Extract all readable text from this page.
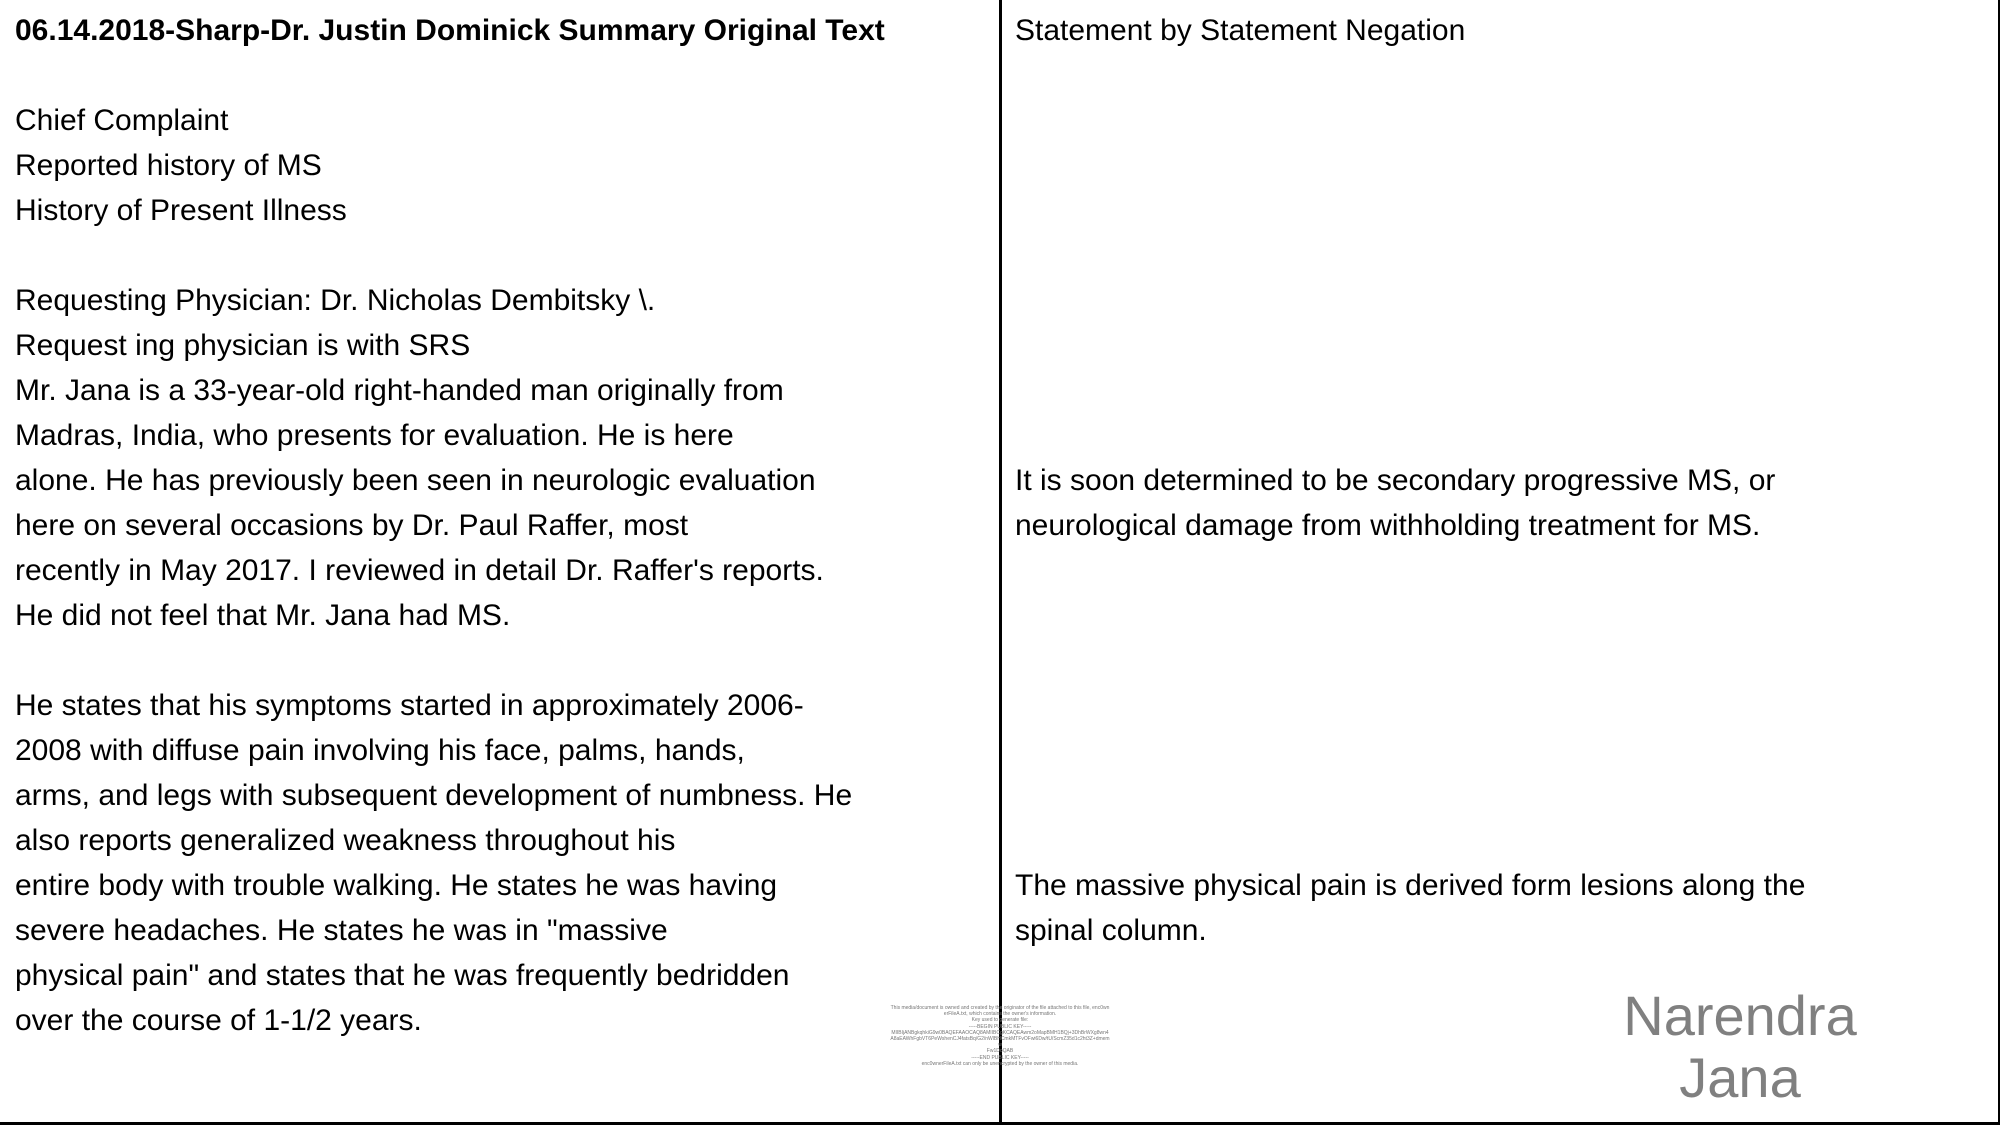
06.14.2018-Sharp-Dr. Justin Dominick Summary Original Text
Chief Complaint
Reported history of MS
History of Present Illness
Requesting Physician: Dr. Nicholas Dembitsky \.
Request ing physician is with SRS
Mr. Jana is a 33-year-old right-handed man originally from
Madras, India, who presents for evaluation. He is here
alone. He has previously been seen in neurologic evaluation
here on several occasions by Dr. Paul Raffer, most
recently in May 2017. I reviewed in detail Dr. Raffer's reports.
He did not feel that Mr. Jana had MS.
He states that his symptoms started in approximately 2006-
2008 with diffuse pain involving his face, palms, hands,
arms, and legs with subsequent development of numbness. He
also reports generalized weakness throughout his
entire body with trouble walking. He states he was having
severe headaches. He states he was in "massive
physical pain" and states that he was frequently bedridden
over the course of 1-1/2 years.
Statement by Statement Negation
It is soon determined to be secondary progressive MS, or
neurological damage from withholding treatment for MS.
The massive physical pain is derived form lesions along the
spinal column.
This media/document is owned and created by the originator of the file attached to this file, enc0wnerFileA.txt, which contains the owner's information.
Key used to generate file:
-----BEGIN PUBLIC KEY-----
MIIBIjANBgkqhkiG9w0BAQEFAAOCAQ8AMIIBCgKCAQEAwm2oMapBMH1BQj+3DhBrWXg8wn4A8aEAWhFgbVT6PeWshenCJ4fatsBq/G2/nWlBHCmkMTFvOFwi6Dw/tU/ScmZ35d1c2ht3Z+dmemw
Fw1DoQAB
-----END PUBLIC KEY-----
enc0wnerFileA.txt can only be unencrypted by the owner of this media.
Narendra
Jana
